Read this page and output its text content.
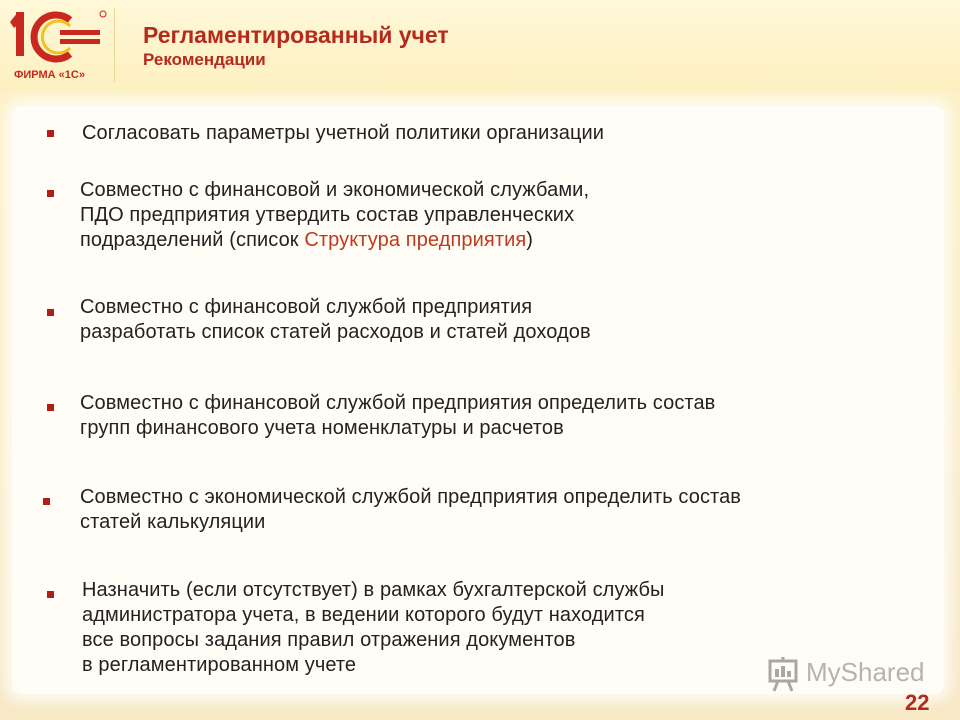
ФИРМА «1С»
Регламентированный учет
Рекомендации
Согласовать параметры учетной политики организации
Совместно с финансовой и экономической службами,
ПДО предприятия утвердить состав управленческих
подразделений (список Структура предприятия)
Совместно с финансовой службой предприятия
разработать список статей расходов и статей доходов
Совместно с финансовой службой предприятия определить состав
групп финансового учета номенклатуры и расчетов
Совместно с экономической службой предприятия определить состав
статей калькуляции
Назначить (если отсутствует) в рамках бухгалтерской службы
администратора учета, в ведении которого будут находится
все вопросы задания правил отражения документов
в регламентированном учете	MyShared
22
